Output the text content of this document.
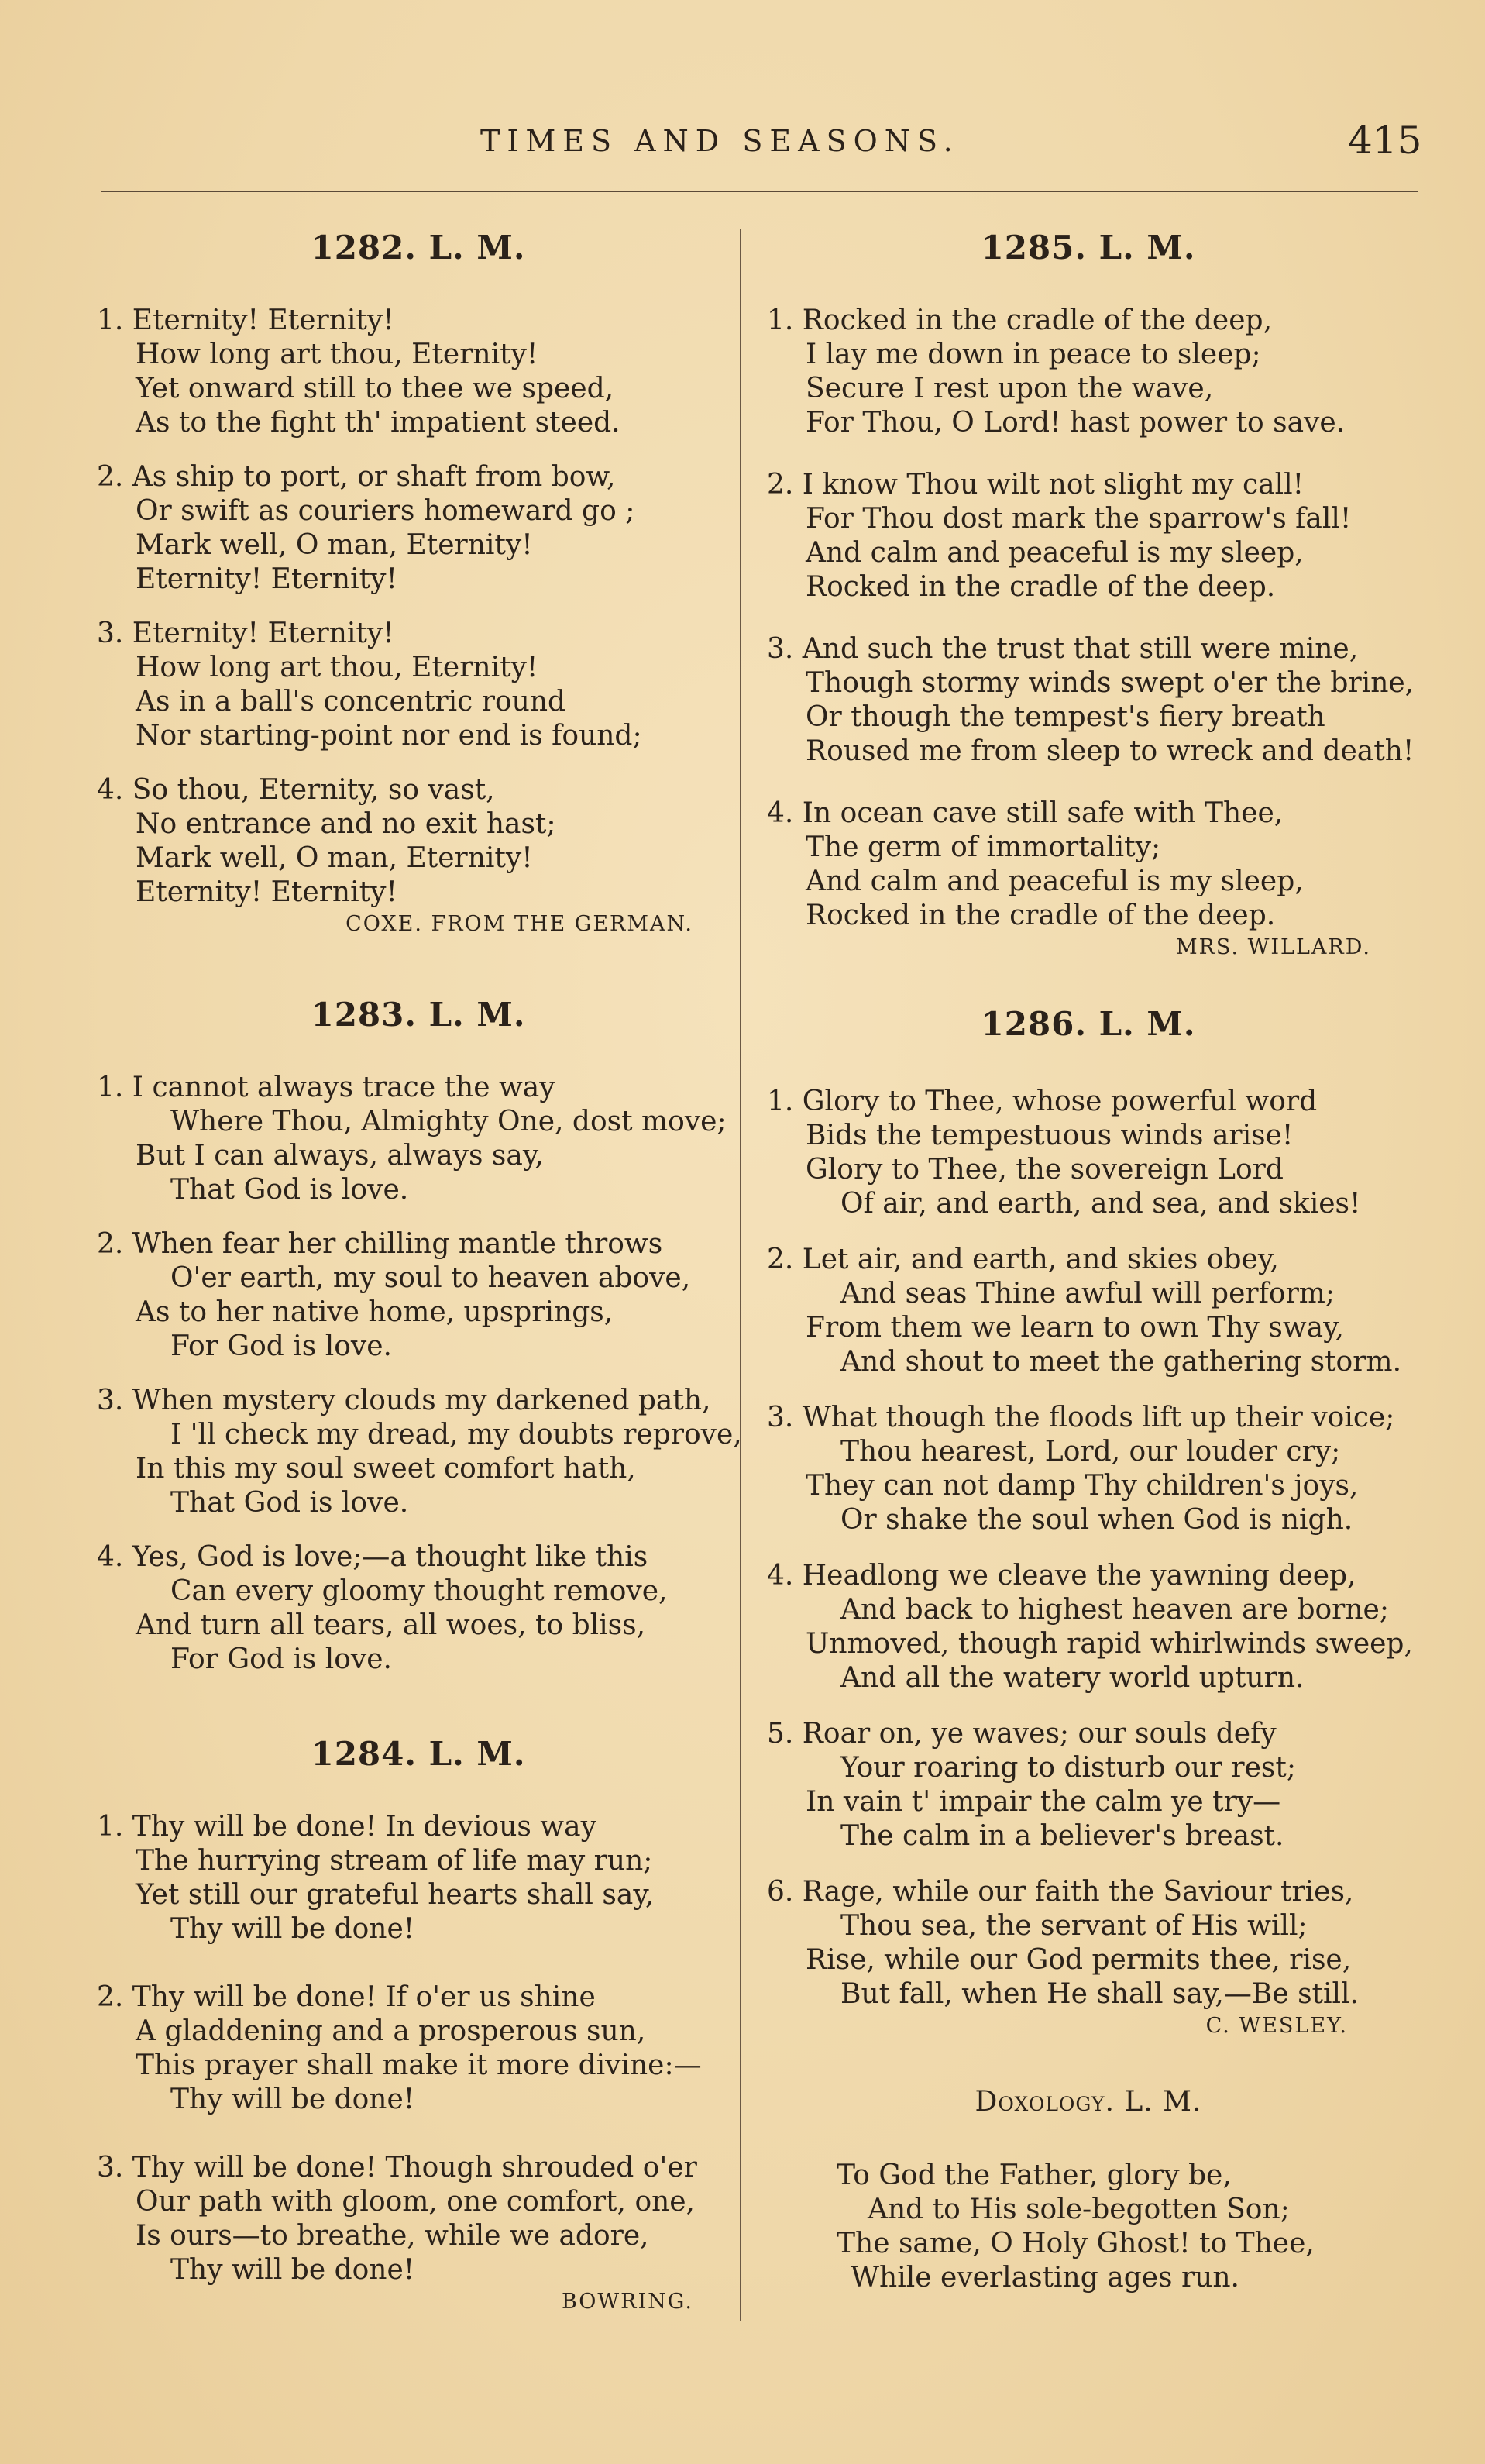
TIMES AND SEASONS.	415
1282. L. M.
1. Eternity! Eternity!
How long art thou, Eternity!
Yet onward still to thee we speed,
As to the fight th' impatient steed.
2. As ship to port, or shaft from bow,
Or swift as couriers homeward go ;
Mark well, O man, Eternity!
Eternity! Eternity!
3. Eternity! Eternity!
How long art thou, Eternity!
As in a ball's concentric round
Nor starting-point nor end is found;
4. So thou, Eternity, so vast,
No entrance and no exit hast;
Mark well, O man, Eternity!
Eternity! Eternity!
COXE. FROM THE GERMAN.
1283. L. M.
1. I cannot always trace the way
Where Thou, Almighty One, dost move;
But I can always, always say,
That God is love.
2. When fear her chilling mantle throws
O'er earth, my soul to heaven above,
As to her native home, upsprings,
For God is love.
3. When mystery clouds my darkened path,
I 'll check my dread, my doubts reprove,
In this my soul sweet comfort hath,
That God is love.
4. Yes, God is love;—a thought like this
Can every gloomy thought remove,
And turn all tears, all woes, to bliss,
For God is love.
1284. L. M.
1. Thy will be done! In devious way
The hurrying stream of life may run;
Yet still our grateful hearts shall say,
Thy will be done!
2. Thy will be done! If o'er us shine
A gladdening and a prosperous sun,
This prayer shall make it more divine:—
Thy will be done!
3. Thy will be done! Though shrouded o'er
Our path with gloom, one comfort, one,
Is ours—to breathe, while we adore,
Thy will be done!
BOWRING.
1285. L. M.
1. Rocked in the cradle of the deep,
I lay me down in peace to sleep;
Secure I rest upon the wave,
For Thou, O Lord! hast power to save.
2. I know Thou wilt not slight my call!
For Thou dost mark the sparrow's fall!
And calm and peaceful is my sleep,
Rocked in the cradle of the deep.
3. And such the trust that still were mine,
Though stormy winds swept o'er the brine,
Or though the tempest's fiery breath
Roused me from sleep to wreck and death!
4. In ocean cave still safe with Thee,
The germ of immortality;
And calm and peaceful is my sleep,
Rocked in the cradle of the deep.
MRS. WILLARD.
1286. L. M.
1. Glory to Thee, whose powerful word
Bids the tempestuous winds arise!
Glory to Thee, the sovereign Lord
Of air, and earth, and sea, and skies!
2. Let air, and earth, and skies obey,
And seas Thine awful will perform;
From them we learn to own Thy sway,
And shout to meet the gathering storm.
3. What though the floods lift up their voice;
Thou hearest, Lord, our louder cry;
They can not damp Thy children's joys,
Or shake the soul when God is nigh.
4. Headlong we cleave the yawning deep,
And back to highest heaven are borne;
Unmoved, though rapid whirlwinds sweep,
And all the watery world upturn.
5. Roar on, ye waves; our souls defy
Your roaring to disturb our rest;
In vain t' impair the calm ye try—
The calm in a believer's breast.
6. Rage, while our faith the Saviour tries,
Thou sea, the servant of His will;
Rise, while our God permits thee, rise,
But fall, when He shall say,—Be still.
C. WESLEY.
Doxology. L. M.
To God the Father, glory be,
And to His sole-begotten Son;
The same, O Holy Ghost! to Thee,
While everlasting ages run.
